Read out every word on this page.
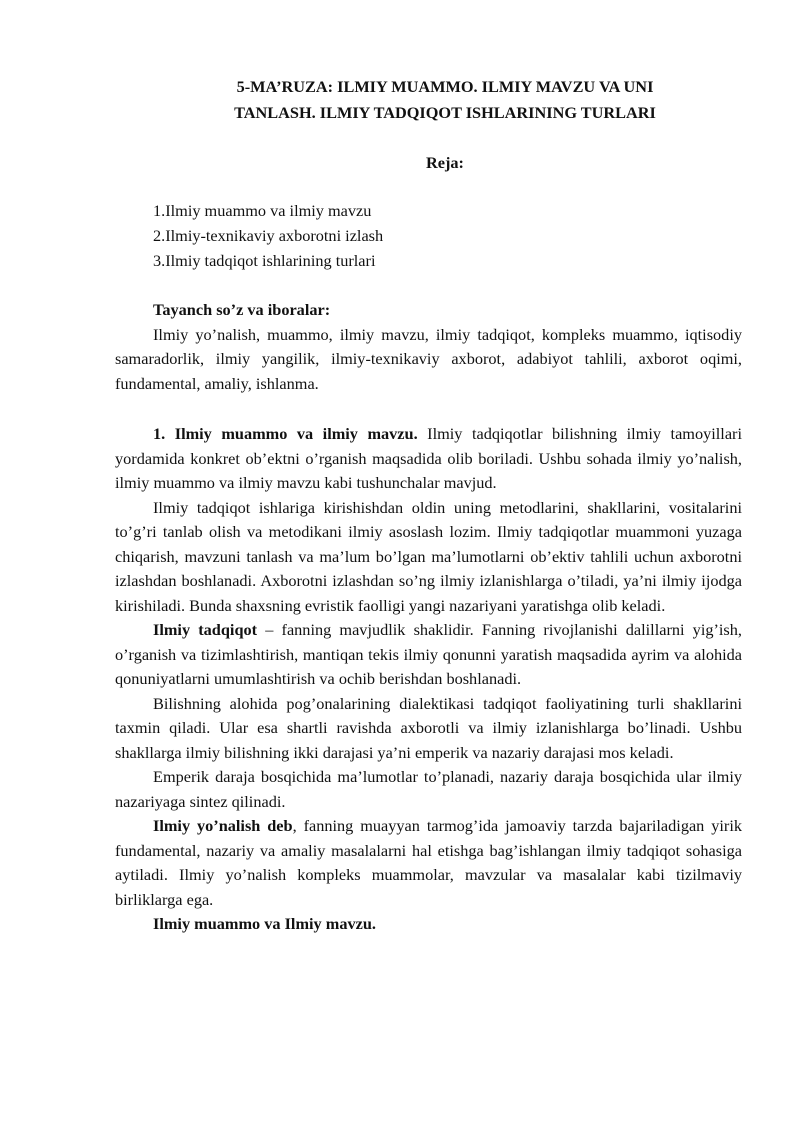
5-MA’RUZA: ILMIY MUAMMO. ILMIY MAVZU VA UNI
TANLASH. ILMIY TADQIQOT ISHLARINING TURLARI
Reja:
1.Ilmiy muammo va ilmiy mavzu
2.Ilmiy-texnikaviy axborotni izlash
3.Ilmiy tadqiqot ishlarining turlari

Tayanch so’z va iboralar:

Ilmiy yo’nalish, muammo, ilmiy mavzu, ilmiy tadqiqot, kompleks muammo, iqtisodiy samaradorlik, ilmiy yangilik, ilmiy-texnikaviy axborot, adabiyot tahlili, axborot oqimi, fundamental, amaliy, ishlanma.

1. Ilmiy muammo va ilmiy mavzu. Ilmiy tadqiqotlar bilishning ilmiy tamoyillari yordamida konkret ob’ektni o’rganish maqsadida olib boriladi. Ushbu sohada ilmiy yo’nalish, ilmiy muammo va ilmiy mavzu kabi tushunchalar mavjud.

Ilmiy tadqiqot ishlariga kirishishdan oldin uning metodlarini, shakllarini, vositalarini to’g’ri tanlab olish va metodikani ilmiy asoslash lozim. Ilmiy tadqiqotlar muammoni yuzaga chiqarish, mavzuni tanlash va ma’lum bo’lgan ma’lumotlarni ob’ektiv tahlili uchun axborotni izlashdan boshlanadi. Axborotni izlashdan so’ng ilmiy izlanishlarga o’tiladi, ya’ni ilmiy ijodga kirishiladi. Bunda shaxsning evristik faolligi yangi nazariyani yaratishga olib keladi.

Ilmiy tadqiqot – fanning mavjudlik shaklidir. Fanning rivojlanishi dalillarni yig’ish, o’rganish va tizimlashtirish, mantiqan tekis ilmiy qonunni yaratish maqsadida ayrim va alohida qonuniyatlarni umumlashtirish va ochib berishdan boshlanadi.

Bilishning alohida pog’onalarining dialektikasi tadqiqot faoliyatining turli shakllarini taxmin qiladi. Ular esa shartli ravishda axborotli va ilmiy izlanishlarga bo’linadi. Ushbu shakllarga ilmiy bilishning ikki darajasi ya’ni emperik va nazariy darajasi mos keladi.

Emperik daraja bosqichida ma’lumotlar to’planadi, nazariy daraja bosqichida ular ilmiy nazariyaga sintez qilinadi.

Ilmiy yo’nalish deb, fanning muayyan tarmog’ida jamoaviy tarzda bajariladigan yirik fundamental, nazariy va amaliy masalalarni hal etishga bag’ishlangan ilmiy tadqiqot sohasiga aytiladi. Ilmiy yo’nalish kompleks muammolar, mavzular va masalalar kabi tizilmaviy birliklarga ega.

Ilmiy muammo va Ilmiy mavzu.
